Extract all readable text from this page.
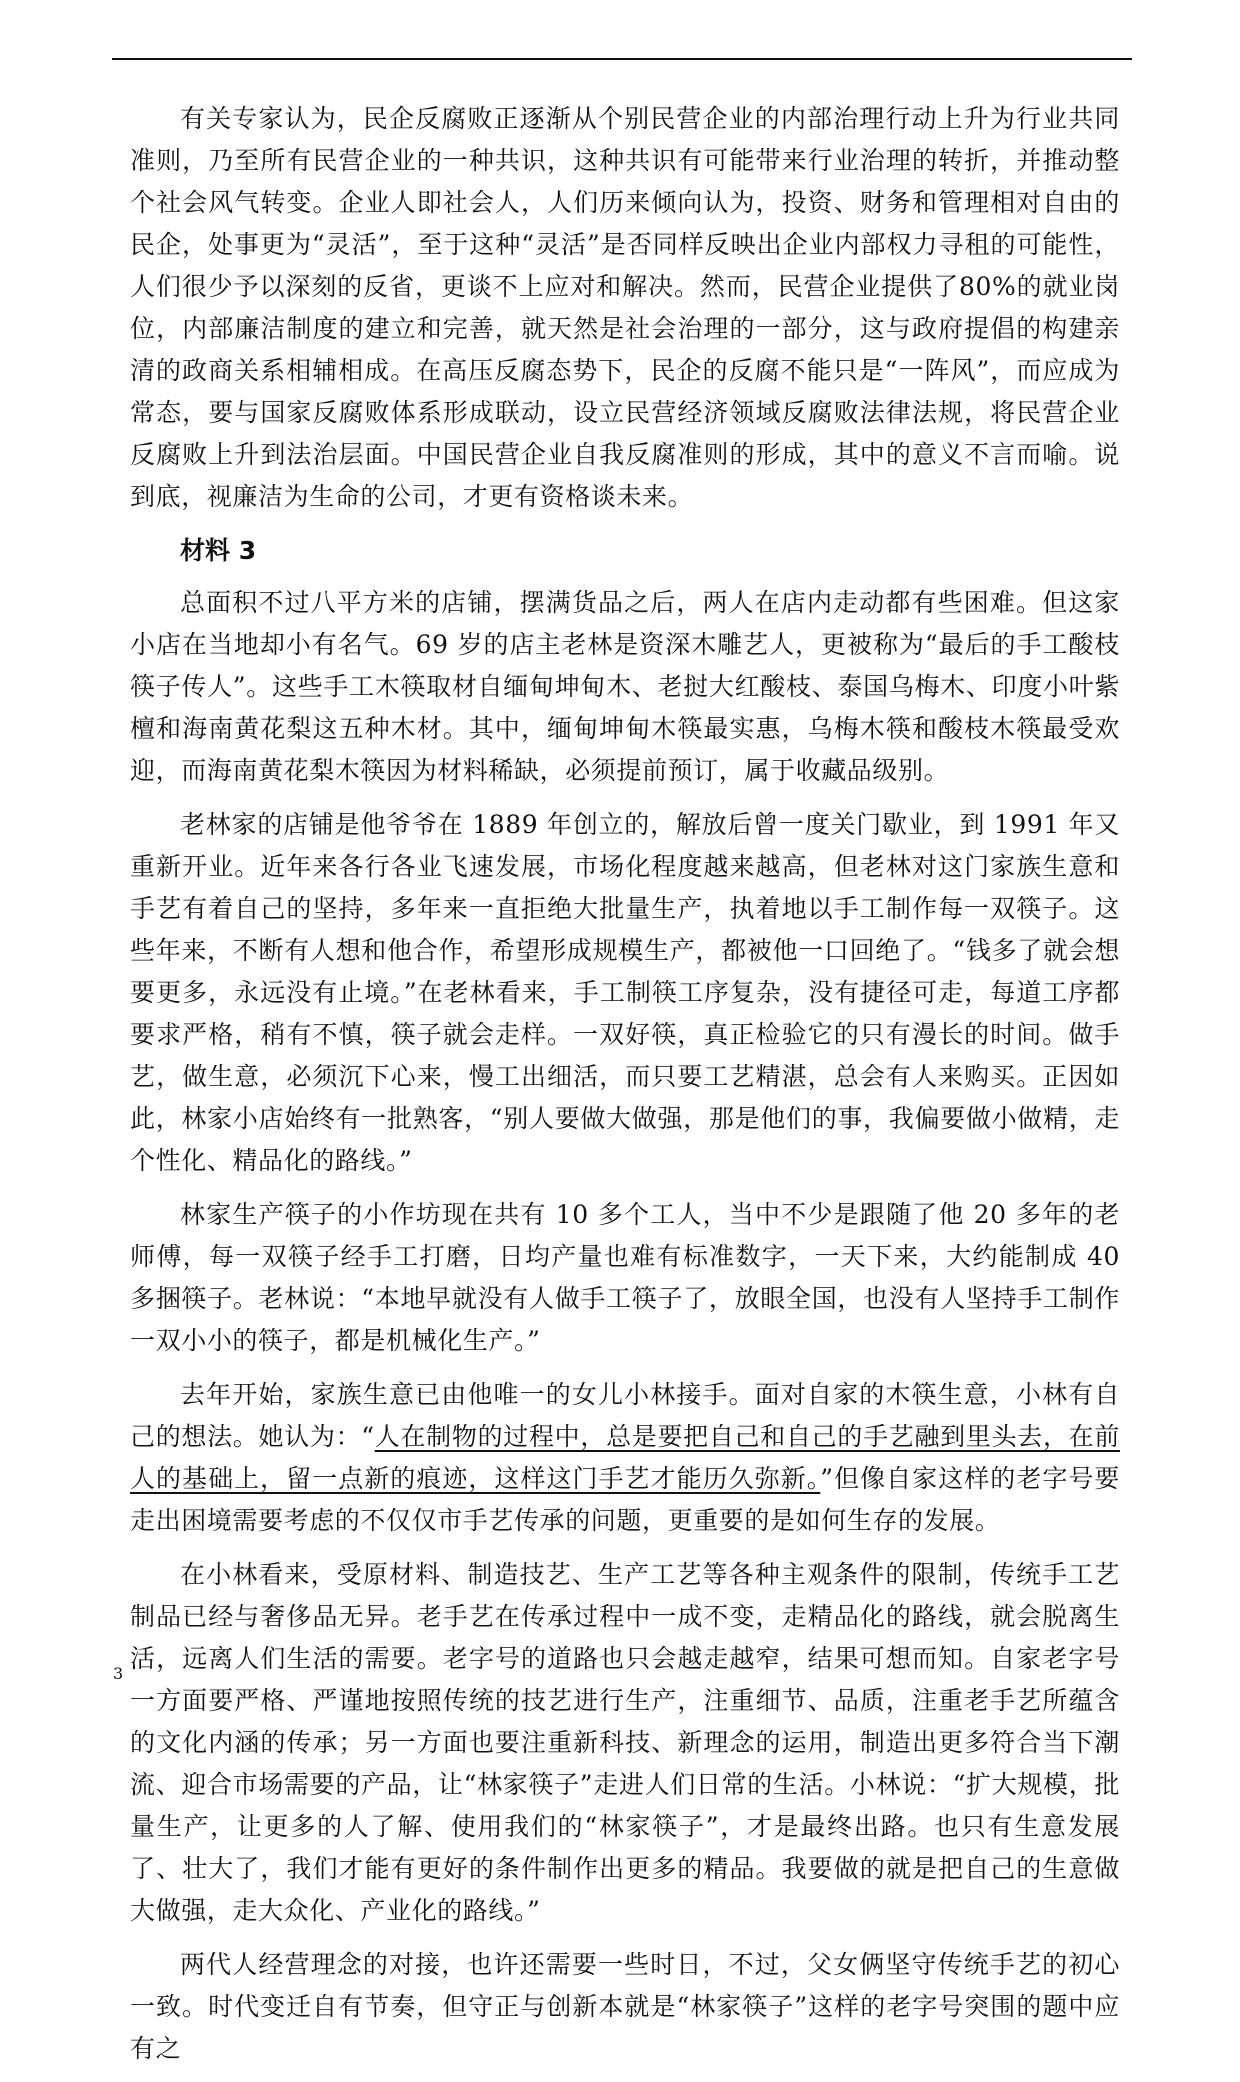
有关专家认为，民企反腐败正逐渐从个别民营企业的内部治理行动上升为行业共同准则，乃至所有民营企业的一种共识，这种共识有可能带来行业治理的转折，并推动整个社会风气转变。企业人即社会人，人们历来倾向认为，投资、财务和管理相对自由的民企，处事更为“灵活”，至于这种“灵活”是否同样反映出企业内部权力寻租的可能性，人们很少予以深刻的反省，更谈不上应对和解决。然而，民营企业提供了80%的就业岗位，内部廉洁制度的建立和完善，就天然是社会治理的一部分，这与政府提倡的构建亲清的政商关系相辅相成。在高压反腐态势下，民企的反腐不能只是“一阵风”，而应成为常态，要与国家反腐败体系形成联动，设立民营经济领域反腐败法律法规，将民营企业反腐败上升到法治层面。中国民营企业自我反腐准则的形成，其中的意义不言而喻。说到底，视廉洁为生命的公司，才更有资格谈未来。

材料 3

总面积不过八平方米的店铺，摆满货品之后，两人在店内走动都有些困难。但这家小店在当地却小有名气。69 岁的店主老林是资深木雕艺人，更被称为“最后的手工酸枝筷子传人”。这些手工木筷取材自缅甸坤甸木、老挝大红酸枝、泰国乌梅木、印度小叶紫檀和海南黄花梨这五种木材。其中，缅甸坤甸木筷最实惠，乌梅木筷和酸枝木筷最受欢迎，而海南黄花梨木筷因为材料稀缺，必须提前预订，属于收藏品级别。

老林家的店铺是他爷爷在 1889 年创立的，解放后曾一度关门歇业，到 1991 年又重新开业。近年来各行各业飞速发展，市场化程度越来越高，但老林对这门家族生意和手艺有着自己的坚持，多年来一直拒绝大批量生产，执着地以手工制作每一双筷子。这些年来，不断有人想和他合作，希望形成规模生产，都被他一口回绝了。“钱多了就会想要更多，永远没有止境。”在老林看来，手工制筷工序复杂，没有捷径可走，每道工序都要求严格，稍有不慎，筷子就会走样。一双好筷，真正检验它的只有漫长的时间。做手艺，做生意，必须沉下心来，慢工出细活，而只要工艺精湛，总会有人来购买。正因如此，林家小店始终有一批熟客，“别人要做大做强，那是他们的事，我偏要做小做精，走个性化、精品化的路线。”

林家生产筷子的小作坊现在共有 10 多个工人，当中不少是跟随了他 20 多年的老师傅，每一双筷子经手工打磨，日均产量也难有标准数字，一天下来，大约能制成 40 多捆筷子。老林说：“本地早就没有人做手工筷子了，放眼全国，也没有人坚持手工制作一双小小的筷子，都是机械化生产。”

去年开始，家族生意已由他唯一的女儿小林接手。面对自家的木筷生意，小林有自己的想法。她认为：“人在制物的过程中，总是要把自己和自己的手艺融到里头去，在前人的基础上，留一点新的痕迹，这样这门手艺才能历久弥新。”但像自家这样的老字号要走出困境需要考虑的不仅仅市手艺传承的问题，更重要的是如何生存的发展。

在小林看来，受原材料、制造技艺、生产工艺等各种主观条件的限制，传统手工艺制品已经与奢侈品无异。老手艺在传承过程中一成不变，走精品化的路线，就会脱离生活，远离人们生活的需要。老字号的道路也只会越走越窄，结果可想而知。自家老字号一方面要严格、严谨地按照传统的技艺进行生产，注重细节、品质，注重老手艺所蕴含的文化内涵的传承；另一方面也要注重新科技、新理念的运用，制造出更多符合当下潮流、迎合市场需要的产品，让“林家筷子”走进人们日常的生活。小林说：“扩大规模，批量生产，让更多的人了解、使用我们的“林家筷子”，才是最终出路。也只有生意发展了、壮大了，我们才能有更好的条件制作出更多的精品。我要做的就是把自己的生意做大做强，走大众化、产业化的路线。”

两代人经营理念的对接，也许还需要一些时日，不过，父女俩坚守传统手艺的初心一致。时代变迁自有节奏，但守正与创新本就是“林家筷子”这样的老字号突围的题中应有之

3
